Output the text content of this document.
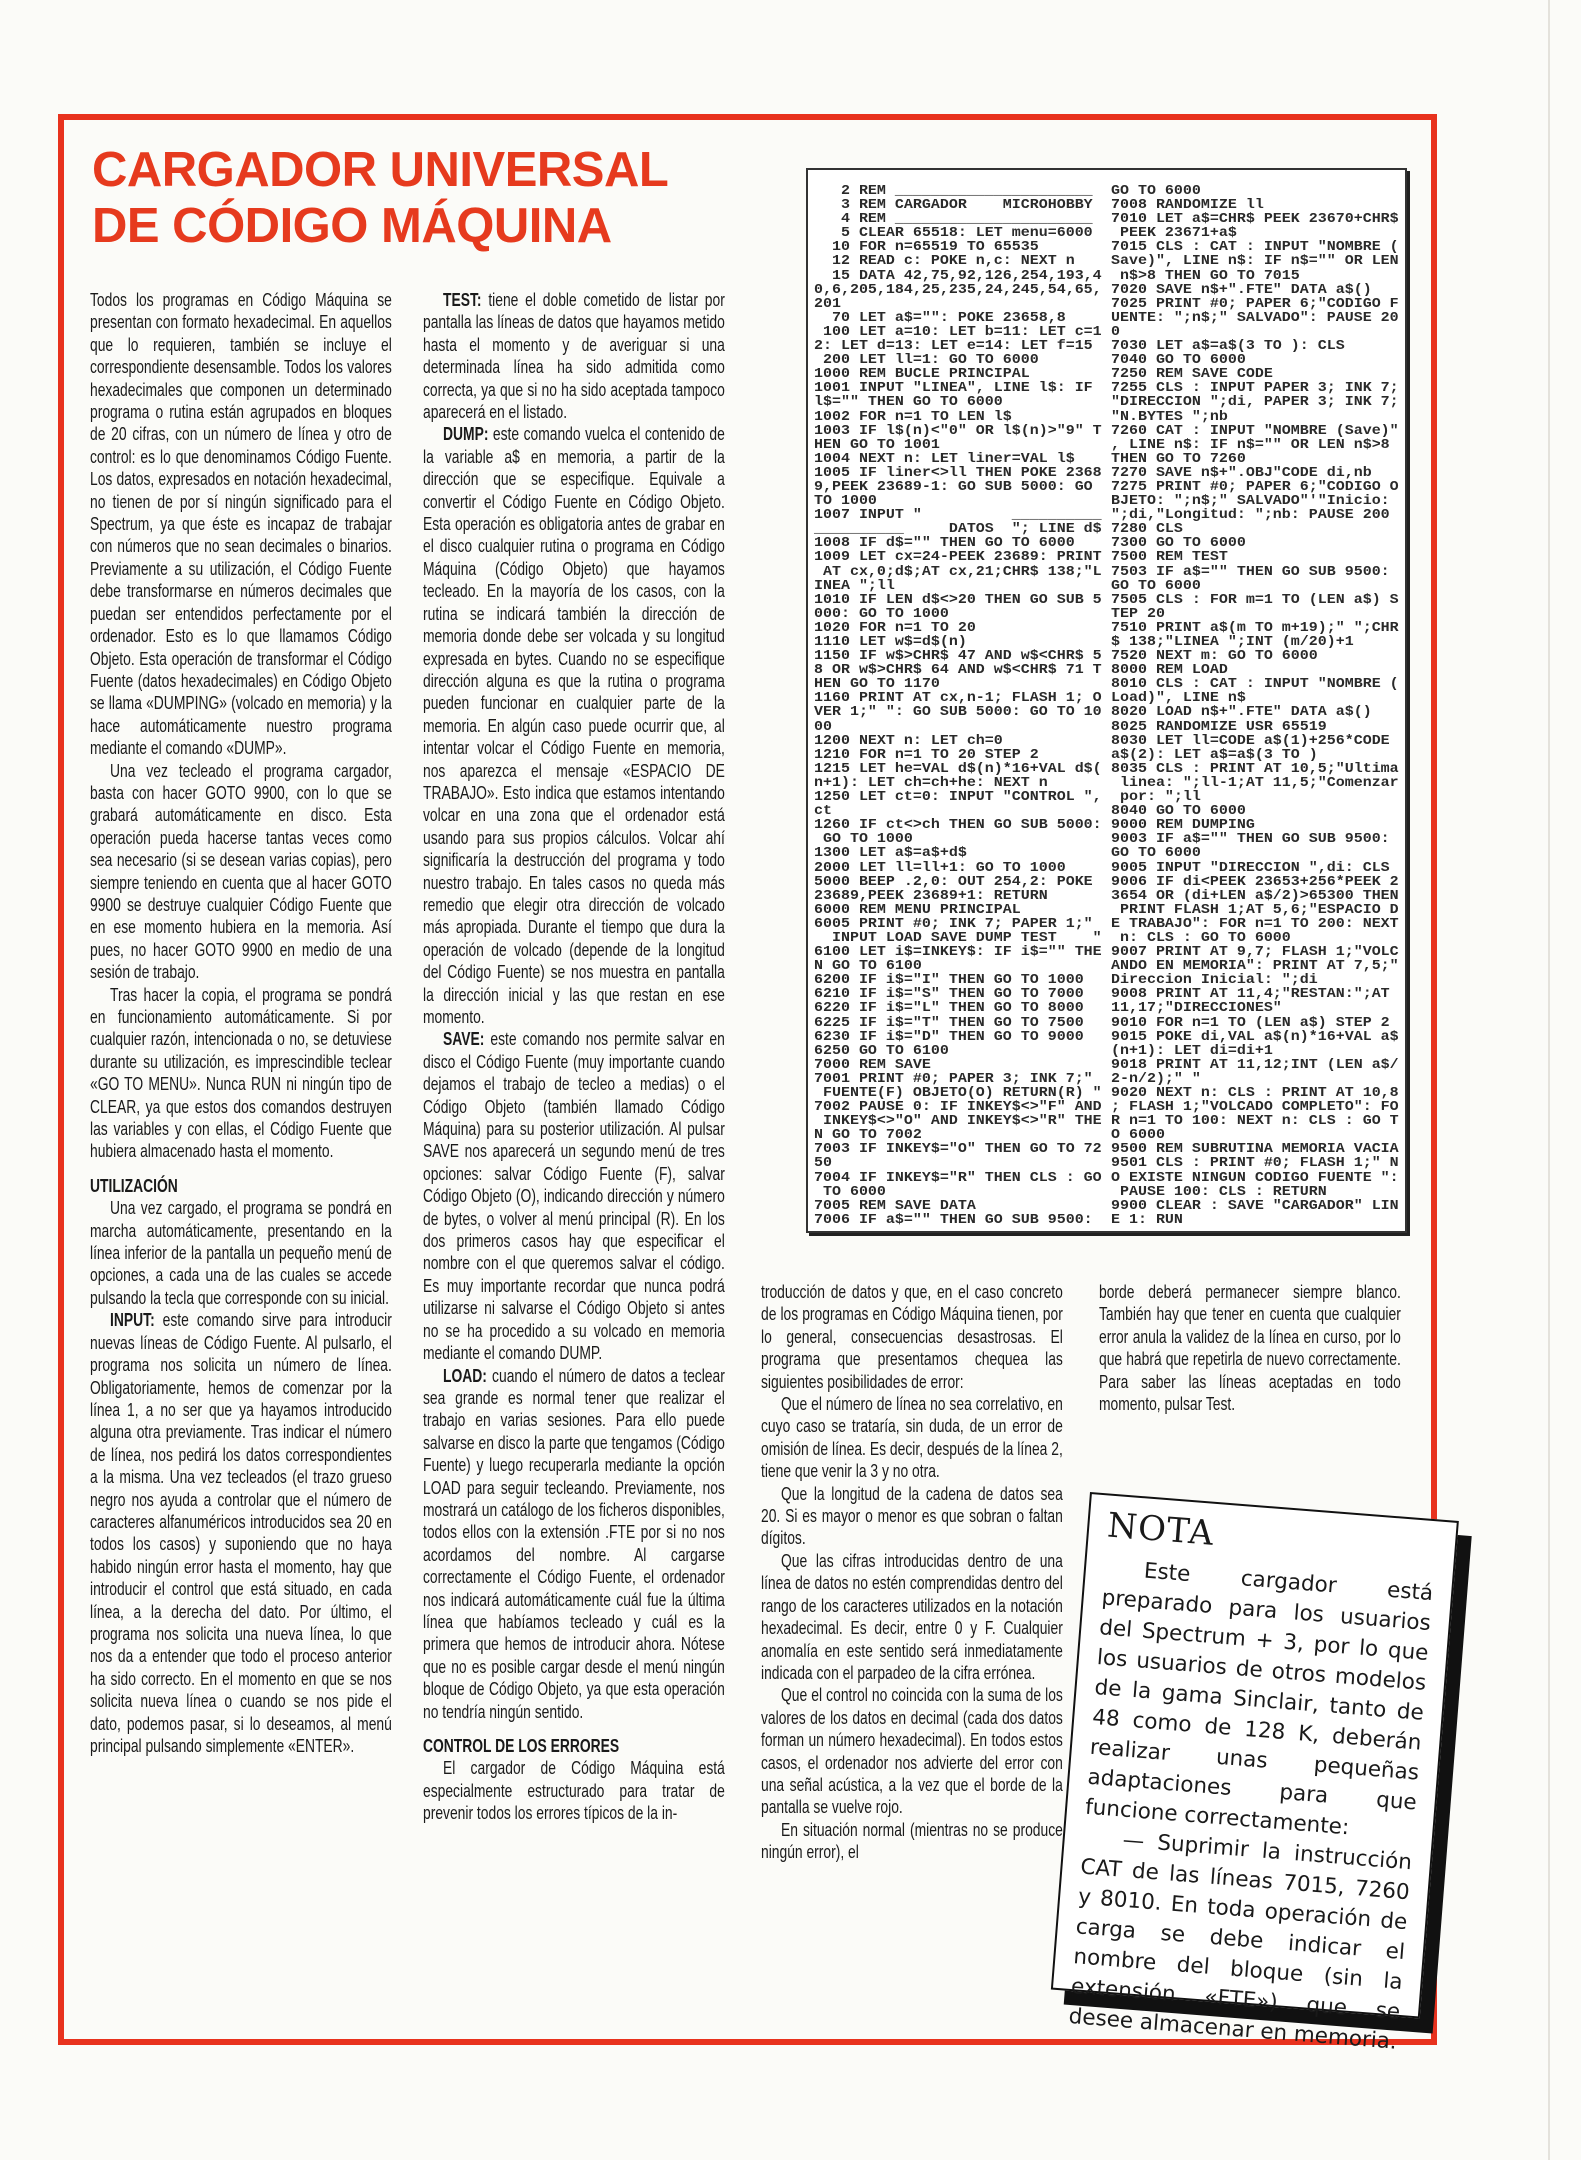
CARGADOR UNIVERSAL
DE CÓDIGO MÁQUINA

Todos los programas en Código Máquina se presentan con formato hexadecimal. En aquellos que lo requieren, también se incluye el correspondiente desensamble. Todos los valores hexadecimales que componen un determinado programa o rutina están agrupados en bloques de 20 cifras, con un número de línea y otro de control: es lo que denominamos Código Fuente. Los datos, expresados en notación hexadecimal, no tienen de por sí ningún significado para el Spectrum, ya que éste es incapaz de trabajar con números que no sean decimales o binarios. Previamente a su utilización, el Código Fuente debe transformarse en números decimales que puedan ser entendidos perfectamente por el ordenador. Esto es lo que llamamos Código Objeto. Esta operación de transformar el Código Fuente (datos hexadecimales) en Código Objeto se llama «DUMPING» (volcado en memoria) y la hace automáticamente nuestro programa mediante el comando «DUMP».

Una vez tecleado el programa cargador, basta con hacer GOTO 9900, con lo que se grabará automáticamente en disco. Esta operación pueda hacerse tantas veces como sea necesario (si se desean varias copias), pero siempre teniendo en cuenta que al hacer GOTO 9900 se destruye cualquier Código Fuente que en ese momento hubiera en la memoria. Así pues, no hacer GOTO 9900 en medio de una sesión de trabajo.

Tras hacer la copia, el programa se pondrá en funcionamiento automáticamente. Si por cualquier razón, intencionada o no, se detuviese durante su utilización, es imprescindible teclear «GO TO MENU». Nunca RUN ni ningún tipo de CLEAR, ya que estos dos comandos destruyen las variables y con ellas, el Código Fuente que hubiera almacenado hasta el momento.

UTILIZACIÓN

Una vez cargado, el programa se pondrá en marcha automáticamente, presentando en la línea inferior de la pantalla un pequeño menú de opciones, a cada una de las cuales se accede pulsando la tecla que corresponde con su inicial.

INPUT: este comando sirve para introducir nuevas líneas de Código Fuente. Al pulsarlo, el programa nos solicita un número de línea. Obligatoriamente, hemos de comenzar por la línea 1, a no ser que ya hayamos introducido alguna otra previamente. Tras indicar el número de línea, nos pedirá los datos correspondientes a la misma. Una vez tecleados (el trazo grueso negro nos ayuda a controlar que el número de caracteres alfanuméricos introducidos sea 20 en todos los casos) y suponiendo que no haya habido ningún error hasta el momento, hay que introducir el control que está situado, en cada línea, a la derecha del dato. Por último, el programa nos solicita una nueva línea, lo que nos da a entender que todo el proceso anterior ha sido correcto. En el momento en que se nos solicita nueva línea o cuando se nos pide el dato, podemos pasar, si lo deseamos, al menú principal pulsando simplemente «ENTER».

TEST: tiene el doble cometido de listar por pantalla las líneas de datos que hayamos metido hasta el momento y de averiguar si una determinada línea ha sido admitida como correcta, ya que si no ha sido aceptada tampoco aparecerá en el listado.

DUMP: este comando vuelca el contenido de la variable a$ en memoria, a partir de la dirección que se especifique. Equivale a convertir el Código Fuente en Código Objeto. Esta operación es obligatoria antes de grabar en el disco cualquier rutina o programa en Código Máquina (Código Objeto) que hayamos tecleado. En la mayoría de los casos, con la rutina se indicará también la dirección de memoria donde debe ser volcada y su longitud expresada en bytes. Cuando no se especifique dirección alguna es que la rutina o programa pueden funcionar en cualquier parte de la memoria. En algún caso puede ocurrir que, al intentar volcar el Código Fuente en memoria, nos aparezca el mensaje «ESPACIO DE TRABAJO». Esto indica que estamos intentando volcar en una zona que el ordenador está usando para sus propios cálculos. Volcar ahí significaría la destrucción del programa y todo nuestro trabajo. En tales casos no queda más remedio que elegir otra dirección de volcado más apropiada. Durante el tiempo que dura la operación de volcado (depende de la longitud del Código Fuente) se nos muestra en pantalla la dirección inicial y las que restan en ese momento.

SAVE: este comando nos permite salvar en disco el Código Fuente (muy importante cuando dejamos el trabajo de tecleo a medias) o el Código Objeto (también llamado Código Máquina) para su posterior utilización. Al pulsar SAVE nos aparecerá un segundo menú de tres opciones: salvar Código Fuente (F), salvar Código Objeto (O), indicando dirección y número de bytes, o volver al menú principal (R). En los dos primeros casos hay que especificar el nombre con el que queremos salvar el código. Es muy importante recordar que nunca podrá utilizarse ni salvarse el Código Objeto si antes no se ha procedido a su volcado en memoria mediante el comando DUMP.

LOAD: cuando el número de datos a teclear sea grande es normal tener que realizar el trabajo en varias sesiones. Para ello puede salvarse en disco la parte que tengamos (Código Fuente) y luego recuperarla mediante la opción LOAD para seguir tecleando. Previamente, nos mostrará un catálogo de los ficheros disponibles, todos ellos con la extensión .FTE por si no nos acordamos del nombre. Al cargarse correctamente el Código Fuente, el ordenador nos indicará automáticamente cuál fue la última línea que habíamos tecleado y cuál es la primera que hemos de introducir ahora. Nótese que no es posible cargar desde el menú ningún bloque de Código Objeto, ya que esta operación no tendría ningún sentido.

CONTROL DE LOS ERRORES

El cargador de Código Máquina está especialmente estructurado para tratar de prevenir todos los errores típicos de la in-

troducción de datos y que, en el caso concreto de los programas en Código Máquina tienen, por lo general, consecuencias desastrosas. El programa que presentamos chequea las siguientes posibilidades de error:

Que el número de línea no sea correlativo, en cuyo caso se trataría, sin duda, de un error de omisión de línea. Es decir, después de la línea 2, tiene que venir la 3 y no otra.

Que la longitud de la cadena de datos sea 20. Si es mayor o menor es que sobran o faltan dígitos.

Que las cifras introducidas dentro de una línea de datos no estén comprendidas dentro del rango de los caracteres utilizados en la notación hexadecimal. Es decir, entre 0 y F. Cualquier anomalía en este sentido será inmediatamente indicada con el parpadeo de la cifra errónea.

Que el control no coincida con la suma de los valores de los datos en decimal (cada dos datos forman un número hexadecimal). En todos estos casos, el ordenador nos advierte del error con una señal acústica, a la vez que el borde de la pantalla se vuelve rojo.

En situación normal (mientras no se produce ningún error), el

borde deberá permanecer siempre blanco. También hay que tener en cuenta que cualquier error anula la validez de la línea en curso, por lo que habrá que repetirla de nuevo correctamente. Para saber las líneas aceptadas en todo momento, pulsar Test.

2 REM ______________________
3 REM CARGADOR    MICROHOBBY
4 REM ______________________
5 CLEAR 65518: LET menu=6000
10 FOR n=65519 TO 65535
12 READ c: POKE n,c: NEXT n
15 DATA 42,75,92,126,254,193,4
0,6,205,184,25,235,24,245,54,65,
201
70 LET a$="": POKE 23658,8
100 LET a=10: LET b=11: LET c=1
2: LET d=13: LET e=14: LET f=15
200 LET ll=1: GO TO 6000
1000 REM BUCLE PRINCIPAL
1001 INPUT "LINEA", LINE l$: IF
l$="" THEN GO TO 6000
1002 FOR n=1 TO LEN l$
1003 IF l$(n)<"0" OR l$(n)>"9" T
HEN GO TO 1001
1004 NEXT n: LET liner=VAL l$
1005 IF liner<>ll THEN POKE 2368
9,PEEK 23689-1: GO SUB 5000: GO
TO 1000
1007 INPUT "          __________
__________     DATOS  "; LINE d$
1008 IF d$="" THEN GO TO 6000
1009 LET cx=24-PEEK 23689: PRINT
AT cx,0;d$;AT cx,21;CHR$ 138;"L
INEA ";ll
1010 IF LEN d$<>20 THEN GO SUB 5
000: GO TO 1000
1020 FOR n=1 TO 20
1110 LET w$=d$(n)
1150 IF w$>CHR$ 47 AND w$<CHR$ 5
8 OR w$>CHR$ 64 AND w$<CHR$ 71 T
HEN GO TO 1170
1160 PRINT AT cx,n-1; FLASH 1; O
VER 1;" ": GO SUB 5000: GO TO 10
00
1200 NEXT n: LET ch=0
1210 FOR n=1 TO 20 STEP 2
1215 LET he=VAL d$(n)*16+VAL d$(
n+1): LET ch=ch+he: NEXT n
1250 LET ct=0: INPUT "CONTROL ",
ct
1260 IF ct<>ch THEN GO SUB 5000:
GO TO 1000
1300 LET a$=a$+d$
2000 LET ll=ll+1: GO TO 1000
5000 BEEP .2,0: OUT 254,2: POKE
23689,PEEK 23689+1: RETURN
6000 REM MENU PRINCIPAL
6005 PRINT #0; INK 7; PAPER 1;"
INPUT LOAD SAVE DUMP TEST    "
6100 LET i$=INKEY$: IF i$="" THE
N GO TO 6100
6200 IF i$="I" THEN GO TO 1000
6210 IF i$="S" THEN GO TO 7000
6220 IF i$="L" THEN GO TO 8000
6225 IF i$="T" THEN GO TO 7500
6230 IF i$="D" THEN GO TO 9000
6250 GO TO 6100
7000 REM SAVE
7001 PRINT #0; PAPER 3; INK 7;"
FUENTE(F) OBJETO(O) RETURN(R) "
7002 PAUSE 0: IF INKEY$<>"F" AND
INKEY$<>"O" AND INKEY$<>"R" THE
N GO TO 7002
7003 IF INKEY$="O" THEN GO TO 72
50
7004 IF INKEY$="R" THEN CLS : GO
TO 6000
7005 REM SAVE DATA
7006 IF a$="" THEN GO SUB 9500:
GO TO 6000
7008 RANDOMIZE ll
7010 LET a$=CHR$ PEEK 23670+CHR$
PEEK 23671+a$
7015 CLS : CAT : INPUT "NOMBRE (
Save)", LINE n$: IF n$="" OR LEN
n$>8 THEN GO TO 7015
7020 SAVE n$+".FTE" DATA a$()
7025 PRINT #0; PAPER 6;"CODIGO F
UENTE: ";n$;" SALVADO": PAUSE 20
0
7030 LET a$=a$(3 TO ): CLS
7040 GO TO 6000
7250 REM SAVE CODE
7255 CLS : INPUT PAPER 3; INK 7;
"DIRECCION ";di, PAPER 3; INK 7;
"N.BYTES ";nb
7260 CAT : INPUT "NOMBRE (Save)"
, LINE n$: IF n$="" OR LEN n$>8
THEN GO TO 7260
7270 SAVE n$+".OBJ"CODE di,nb
7275 PRINT #0; PAPER 6;"CODIGO O
BJETO: ";n$;" SALVADO"'"Inicio:
";di,"Longitud: ";nb: PAUSE 200
7280 CLS
7300 GO TO 6000
7500 REM TEST
7503 IF a$="" THEN GO SUB 9500:
GO TO 6000
7505 CLS : FOR m=1 TO (LEN a$) S
TEP 20
7510 PRINT a$(m TO m+19);" ";CHR
$ 138;"LINEA ";INT (m/20)+1
7520 NEXT m: GO TO 6000
8000 REM LOAD
8010 CLS : CAT : INPUT "NOMBRE (
Load)", LINE n$
8020 LOAD n$+".FTE" DATA a$()
8025 RANDOMIZE USR 65519
8030 LET ll=CODE a$(1)+256*CODE
a$(2): LET a$=a$(3 TO )
8035 CLS : PRINT AT 10,5;"Ultima
linea: ";ll-1;AT 11,5;"Comenzar
por: ";ll
8040 GO TO 6000
9000 REM DUMPING
9003 IF a$="" THEN GO SUB 9500:
GO TO 6000
9005 INPUT "DIRECCION ",di: CLS
9006 IF di<PEEK 23653+256*PEEK 2
3654 OR (di+LEN a$/2)>65300 THEN
PRINT FLASH 1;AT 5,6;"ESPACIO D
E TRABAJO": FOR n=1 TO 200: NEXT
n: CLS : GO TO 6000
9007 PRINT AT 9,7; FLASH 1;"VOLC
ANDO EN MEMORIA": PRINT AT 7,5;"
Direccion Inicial: ";di
9008 PRINT AT 11,4;"RESTAN:";AT
11,17;"DIRECCIONES"
9010 FOR n=1 TO (LEN a$) STEP 2
9015 POKE di,VAL a$(n)*16+VAL a$
(n+1): LET di=di+1
9018 PRINT AT 11,12;INT (LEN a$/
2-n/2);" "
9020 NEXT n: CLS : PRINT AT 10,8
; FLASH 1;"VOLCADO COMPLETO": FO
R n=1 TO 100: NEXT n: CLS : GO T
O 6000
9500 REM SUBRUTINA MEMORIA VACIA
9501 CLS : PRINT #0; FLASH 1;" N
O EXISTE NINGUN CODIGO FUENTE ":
PAUSE 100: CLS : RETURN
9900 CLEAR : SAVE "CARGADOR" LIN
E 1: RUN
NOTA

Este cargador está preparado para los usuarios del Spectrum + 3, por lo que los usuarios de otros modelos de la gama Sinclair, tanto de 48 como de 128 K, deberán realizar unas pequeñas adaptaciones para que funcione correctamente:

— Suprimir la instrucción CAT de las líneas 7015, 7260 y 8010. En toda operación de carga se debe indicar el nombre del bloque (sin la extensión «FTE») que se desee almacenar en memoria.
